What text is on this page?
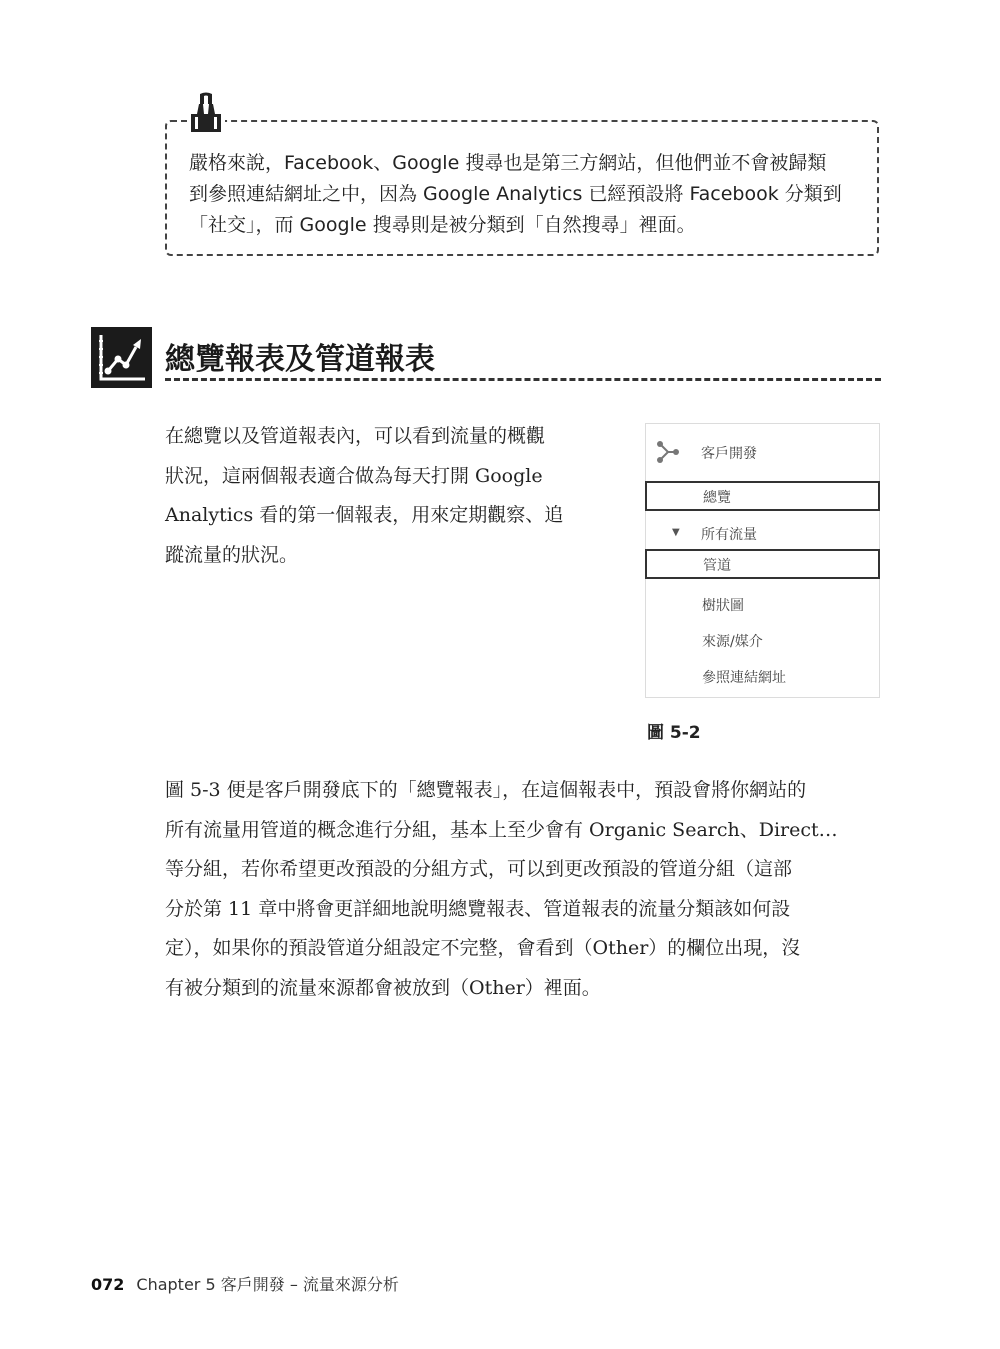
嚴格來說，Facebook、Google 搜尋也是第三方網站，但他們並不會被歸類
到參照連結網址之中，因為 Google Analytics 已經預設將 Facebook 分類到
「社交」，而 Google 搜尋則是被分類到「自然搜尋」裡面。
總覽報表及管道報表
在總覽以及管道報表內，可以看到流量的概觀
狀況，這兩個報表適合做為每天打開 Google
Analytics 看的第一個報表，用來定期觀察、追
蹤流量的狀況。
客戶開發
總覽
▼ 所有流量
管道
樹狀圖
來源/媒介
參照連結網址
圖 5-2
圖 5-3 便是客戶開發底下的「總覽報表」，在這個報表中，預設會將你網站的
所有流量用管道的概念進行分組，基本上至少會有 Organic Search、Direct…
等分組，若你希望更改預設的分組方式，可以到更改預設的管道分組（這部
分於第 11 章中將會更詳細地說明總覽報表、管道報表的流量分類該如何設
定），如果你的預設管道分組設定不完整，會看到（Other）的欄位出現，沒
有被分類到的流量來源都會被放到（Other）裡面。
072 Chapter 5 客戶開發 – 流量來源分析
